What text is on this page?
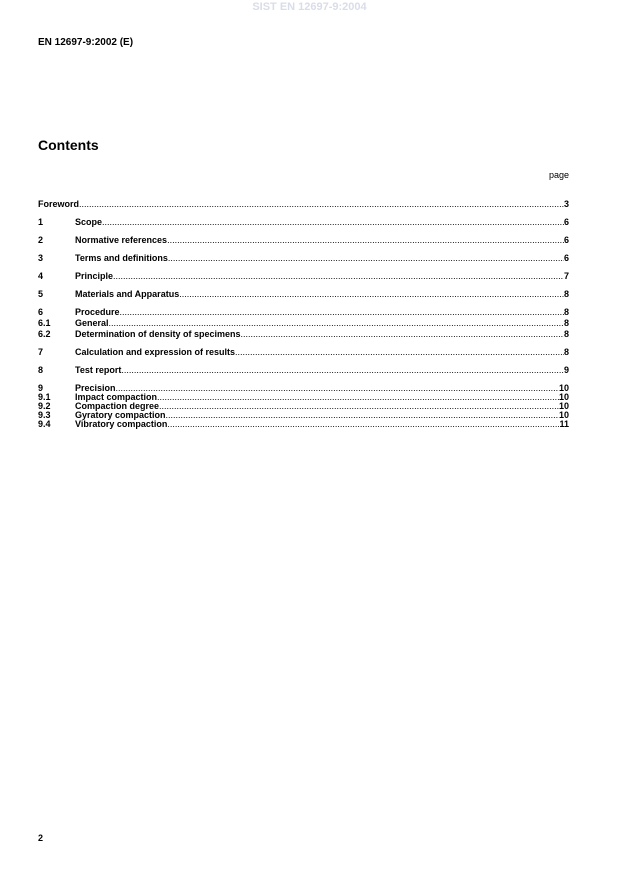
SIST EN 12697-9:2004
EN 12697-9:2002 (E)
Contents
page
Foreword .....	3
1	Scope .....	6
2	Normative references .....	6
3	Terms and definitions .....	6
4	Principle .....	7
5	Materials and Apparatus .....	8
6	Procedure .....	8
6.1	General .....	8
6.2	Determination of density of specimens .....	8
7	Calculation and expression of results .....	8
8	Test report .....	9
9	Precision .....	10
9.1	Impact compaction .....	10
9.2	Compaction degree .....	10
9.3	Gyratory compaction .....	10
9.4	Vibratory compaction .....	11
2
